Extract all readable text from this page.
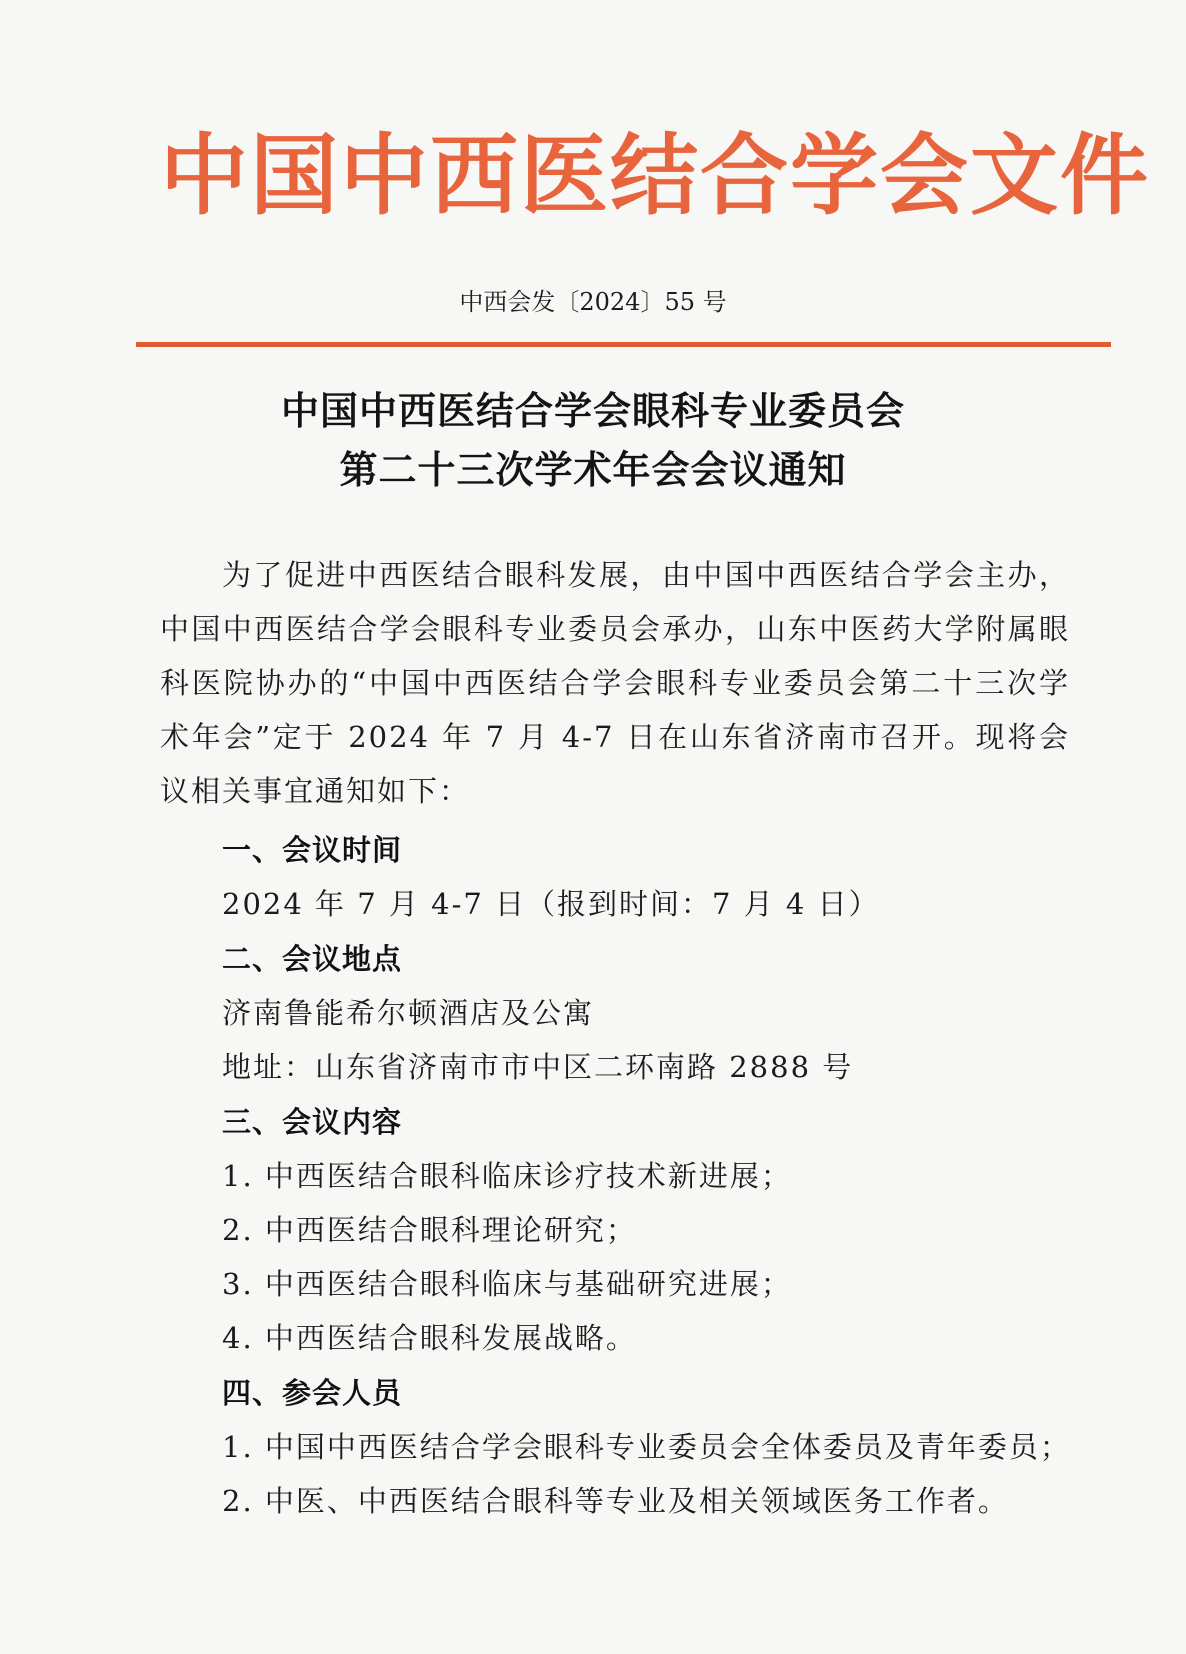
中国中西医结合学会文件
中西会发〔2024〕55 号
中国中西医结合学会眼科专业委员会
第二十三次学术年会会议通知
为了促进中西医结合眼科发展，由中国中西医结合学会主办，中国中西医结合学会眼科专业委员会承办，山东中医药大学附属眼科医院协办的“中国中西医结合学会眼科专业委员会第二十三次学术年会”定于 2024 年 7 月 4-7 日在山东省济南市召开。现将会议相关事宜通知如下：
一、会议时间
2024 年 7 月 4-7 日（报到时间：7 月 4 日）
二、会议地点
济南鲁能希尔顿酒店及公寓
地址：山东省济南市市中区二环南路 2888 号
三、会议内容
1. 中西医结合眼科临床诊疗技术新进展；
2. 中西医结合眼科理论研究；
3. 中西医结合眼科临床与基础研究进展；
4. 中西医结合眼科发展战略。
四、参会人员
1. 中国中西医结合学会眼科专业委员会全体委员及青年委员；
2. 中医、中西医结合眼科等专业及相关领域医务工作者。
